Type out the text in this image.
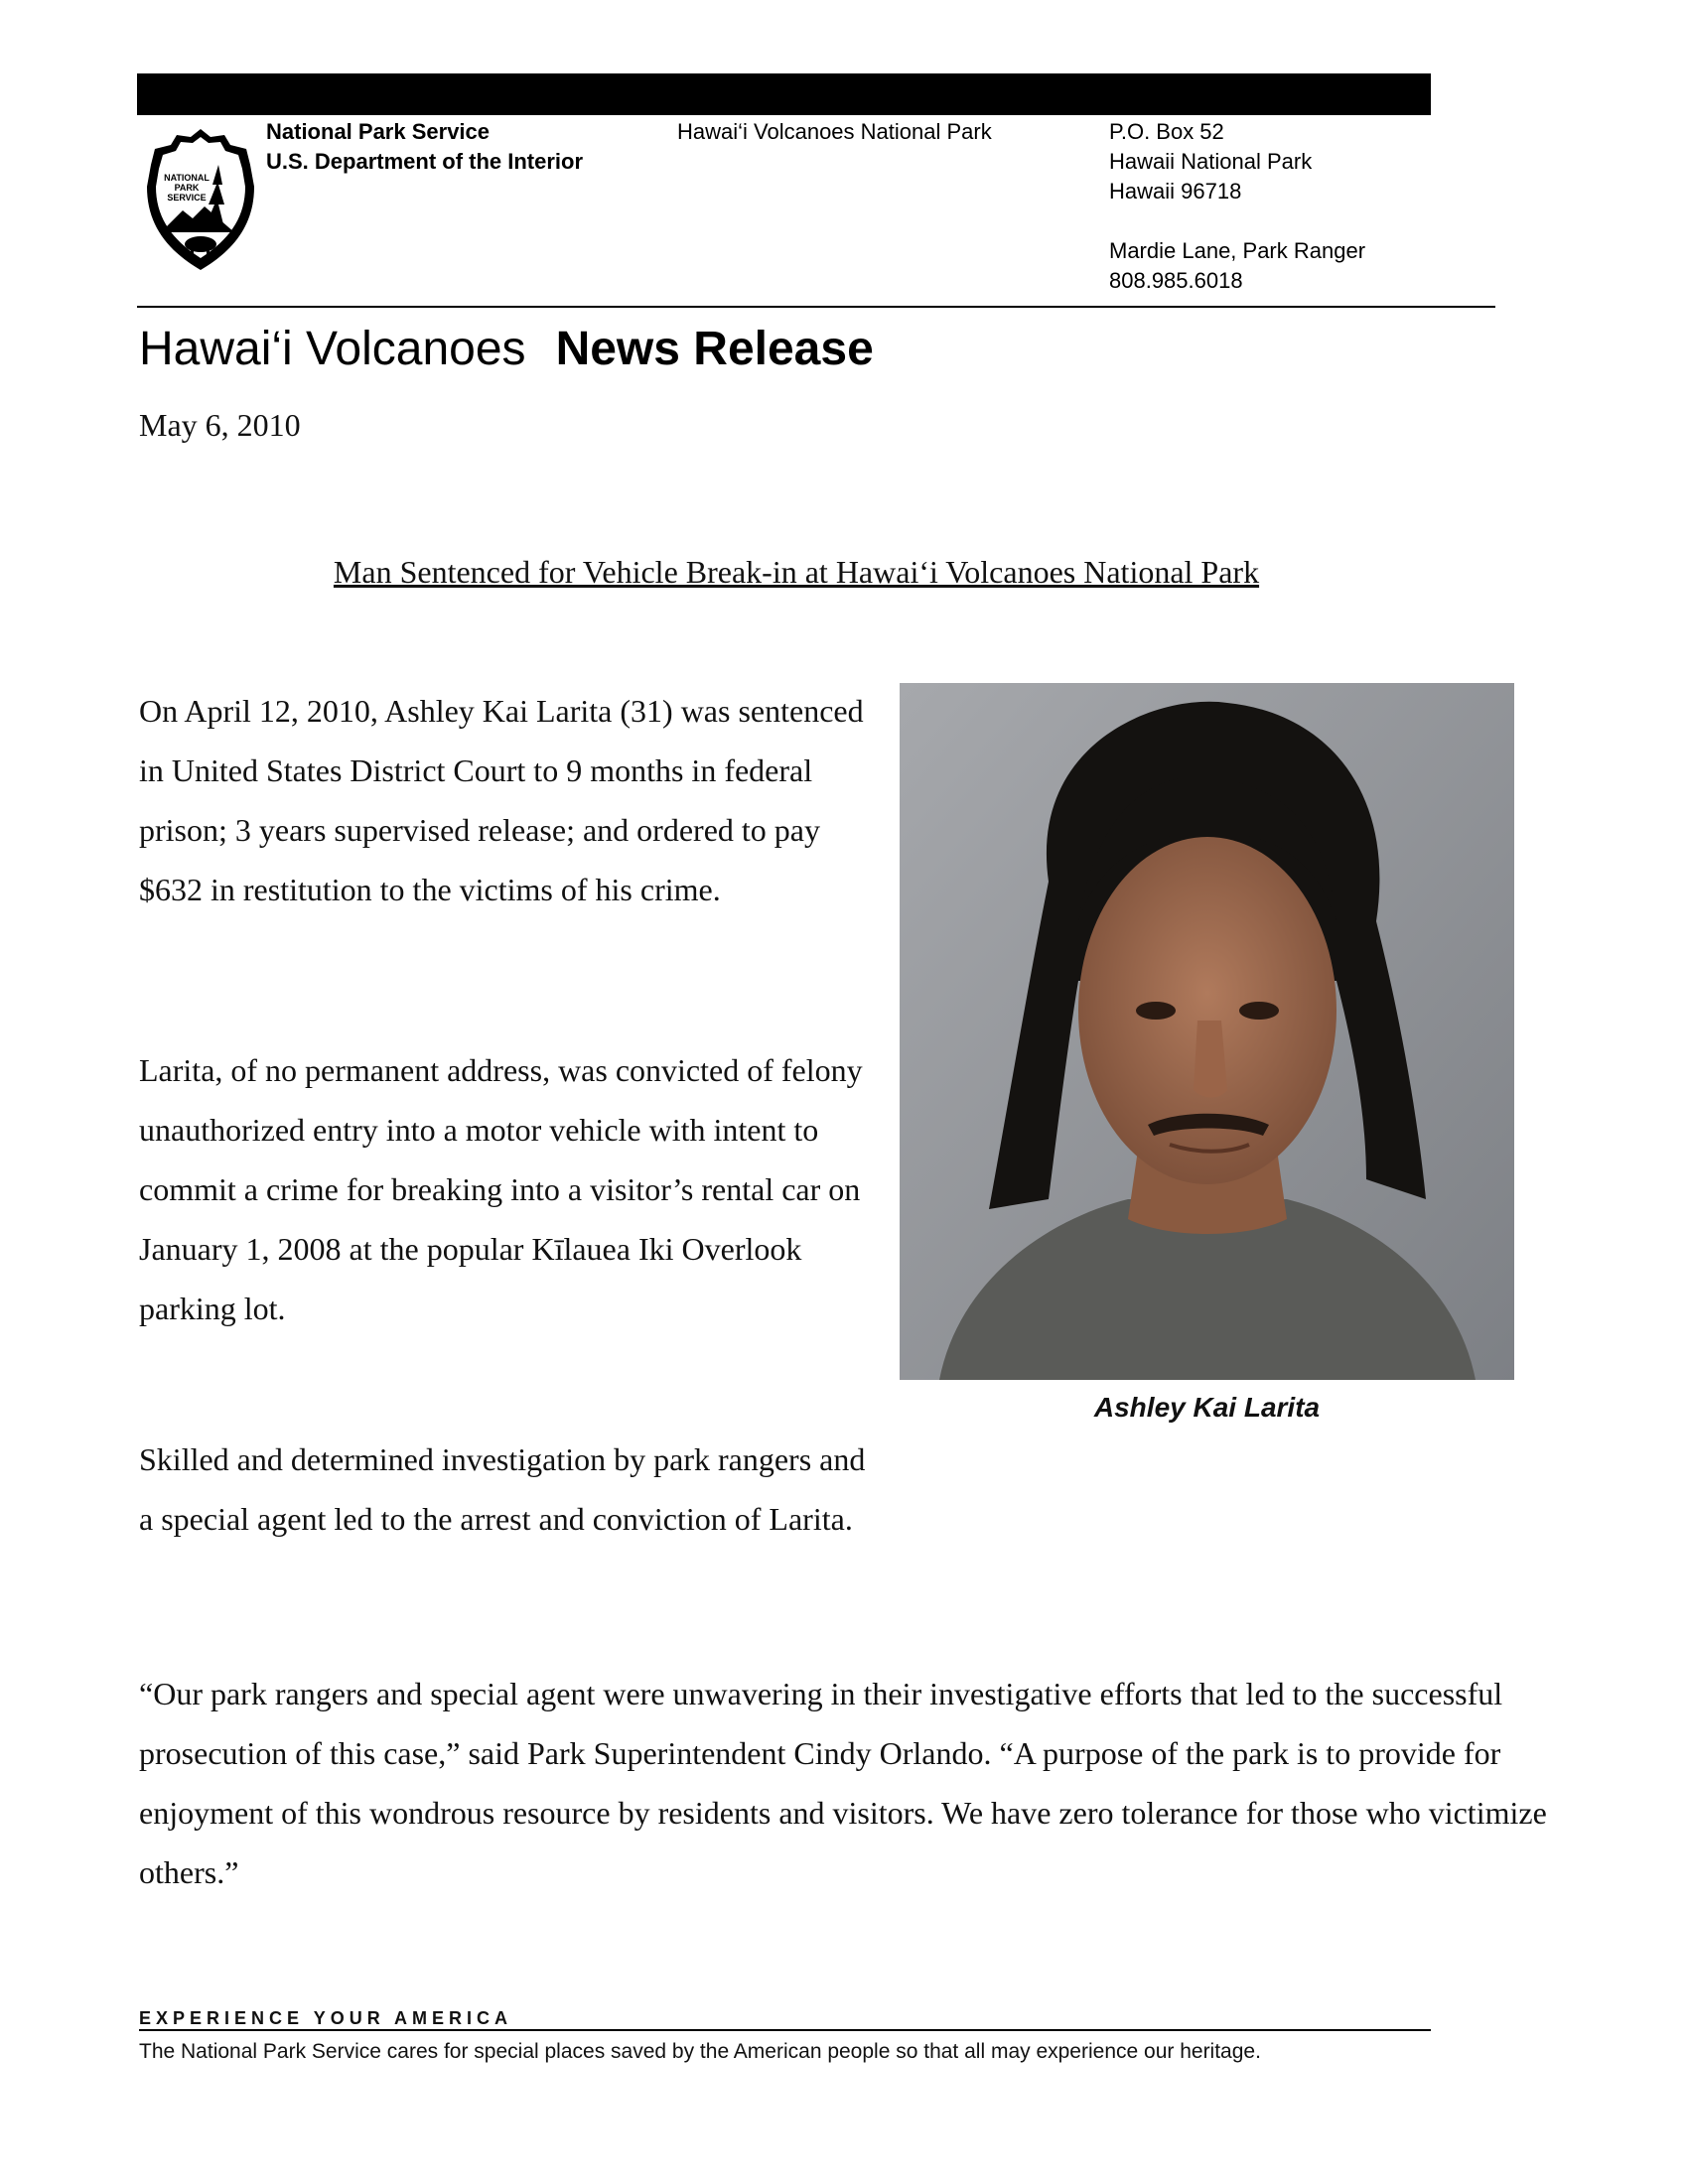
NATIONAL
PARK
SERVICE
National Park Service
U.S. Department of the Interior
Hawai‘i Volcanoes National Park	P.O. Box 52
Hawaii National Park
Hawaii 96718
Mardie Lane, Park Ranger
808.985.6018
Hawai‘i Volcanoes News Release
May 6, 2010
Man Sentenced for Vehicle Break-in at Hawai‘i Volcanoes National Park
On April 12, 2010, Ashley Kai Larita (31) was sentenced in United States District Court to 9 months in federal prison; 3 years supervised release; and ordered to pay $632 in restitution to the victims of his crime.
Larita, of no permanent address, was convicted of felony unauthorized entry into a motor vehicle with intent to commit a crime for breaking into a visitor’s rental car on January 1, 2008 at the popular Kīlauea Iki Overlook parking lot.
Skilled and determined investigation by park rangers and a special agent led to the arrest and conviction of Larita.
“Our park rangers and special agent were unwavering in their investigative efforts that led to the successful prosecution of this case,” said Park Superintendent Cindy Orlando. “A purpose of the park is to provide for enjoyment of this wondrous resource by residents and visitors. We have zero tolerance for those who victimize others.”
Ashley Kai Larita
EXPERIENCE YOUR AMERICA
The National Park Service cares for special places saved by the American people so that all may experience our heritage.
